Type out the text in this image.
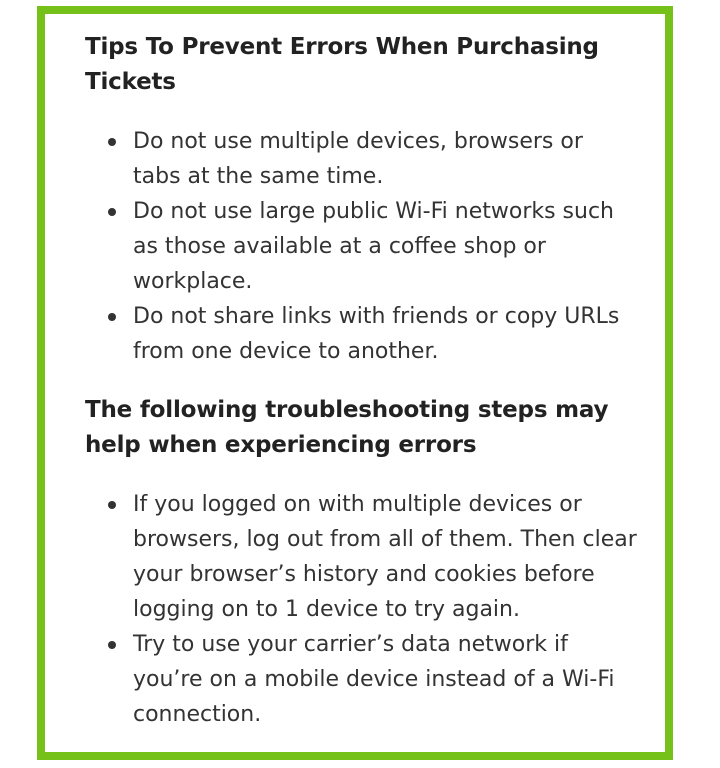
Tips To Prevent Errors When Purchasing Tickets
Do not use multiple devices, browsers or tabs at the same time.
Do not use large public Wi-Fi networks such as those available at a coffee shop or workplace.
Do not share links with friends or copy URLs from one device to another.
The following troubleshooting steps may help when experiencing errors
If you logged on with multiple devices or browsers, log out from all of them. Then clear your browser’s history and cookies before logging on to 1 device to try again.
Try to use your carrier’s data network if you’re on a mobile device instead of a Wi-Fi connection.
